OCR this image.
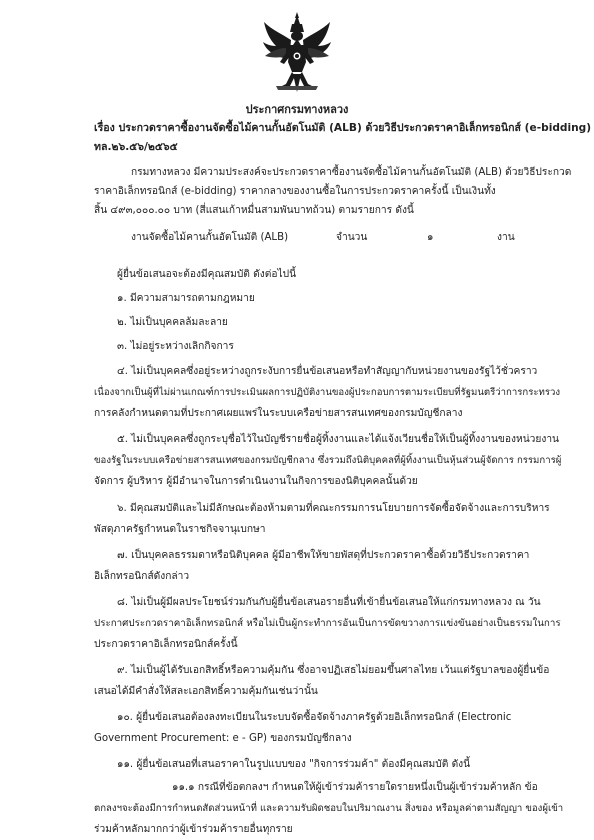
ประกาศกรมทางหลวง
เรื่อง ประกวดราคาซื้องานจัดซื้อไม้คานกั้นอัตโนมัติ (ALB) ด้วยวิธีประกวดราคาอิเล็กทรอนิกส์ (e-bidding)
ทล.๒๖.๕๖/๒๕๖๕
กรมทางหลวง มีความประสงค์จะประกวดราคาซื้องานจัดซื้อไม้คานกั้นอัตโนมัติ (ALB) ด้วยวิธีประกวด
ราคาอิเล็กทรอนิกส์ (e-bidding) ราคากลางของงานซื้อในการประกวดราคาครั้งนี้ เป็นเงินทั้ง
สิ้น ๔๙๓,๐๐๐.๐๐ บาท (สี่แสนเก้าหมื่นสามพันบาทถ้วน) ตามรายการ ดังนี้
งานจัดซื้อไม้คานกั้นอัตโนมัติ (ALB)	จำนวน	๑	งาน
ผู้ยื่นข้อเสนอจะต้องมีคุณสมบัติ ดังต่อไปนี้
๑. มีความสามารถตามกฎหมาย
๒. ไม่เป็นบุคคลล้มละลาย
๓. ไม่อยู่ระหว่างเลิกกิจการ
๔. ไม่เป็นบุคคลซึ่งอยู่ระหว่างถูกระงับการยื่นข้อเสนอหรือทำสัญญากับหน่วยงานของรัฐไว้ชั่วคราว
เนื่องจากเป็นผู้ที่ไม่ผ่านเกณฑ์การประเมินผลการปฏิบัติงานของผู้ประกอบการตามระเบียบที่รัฐมนตรีว่าการกระทรวง
การคลังกำหนดตามที่ประกาศเผยแพร่ในระบบเครือข่ายสารสนเทศของกรมบัญชีกลาง
๕. ไม่เป็นบุคคลซึ่งถูกระบุชื่อไว้ในบัญชีรายชื่อผู้ทิ้งงานและได้แจ้งเวียนชื่อให้เป็นผู้ทิ้งงานของหน่วยงาน
ของรัฐในระบบเครือข่ายสารสนเทศของกรมบัญชีกลาง ซึ่งรวมถึงนิติบุคคลที่ผู้ทิ้งงานเป็นหุ้นส่วนผู้จัดการ กรรมการผู้
จัดการ ผู้บริหาร ผู้มีอำนาจในการดำเนินงานในกิจการของนิติบุคคลนั้นด้วย
๖. มีคุณสมบัติและไม่มีลักษณะต้องห้ามตามที่คณะกรรมการนโยบายการจัดซื้อจัดจ้างและการบริหาร
พัสดุภาครัฐกำหนดในราชกิจจานุเบกษา
๗. เป็นบุคคลธรรมดาหรือนิติบุคคล ผู้มีอาชีพให้ขายพัสดุที่ประกวดราคาซื้อด้วยวิธีประกวดราคา
อิเล็กทรอนิกส์ดังกล่าว
๘. ไม่เป็นผู้มีผลประโยชน์ร่วมกันกับผู้ยื่นข้อเสนอรายอื่นที่เข้ายื่นข้อเสนอให้แก่กรมทางหลวง ณ วัน
ประกาศประกวดราคาอิเล็กทรอนิกส์ หรือไม่เป็นผู้กระทำการอันเป็นการขัดขวางการแข่งขันอย่างเป็นธรรมในการ
ประกวดราคาอิเล็กทรอนิกส์ครั้งนี้
๙. ไม่เป็นผู้ได้รับเอกสิทธิ์หรือความคุ้มกัน ซึ่งอาจปฏิเสธไม่ยอมขึ้นศาลไทย เว้นแต่รัฐบาลของผู้ยื่นข้อ
เสนอได้มีคำสั่งให้สละเอกสิทธิ์ความคุ้มกันเช่นว่านั้น
๑๐. ผู้ยื่นข้อเสนอต้องลงทะเบียนในระบบจัดซื้อจัดจ้างภาครัฐด้วยอิเล็กทรอนิกส์ (Electronic
Government Procurement: e - GP) ของกรมบัญชีกลาง
๑๑. ผู้ยื่นข้อเสนอที่เสนอราคาในรูปแบบของ "กิจการร่วมค้า" ต้องมีคุณสมบัติ ดังนี้
๑๑.๑ กรณีที่ข้อตกลงฯ กำหนดให้ผู้เข้าร่วมค้ารายใดรายหนึ่งเป็นผู้เข้าร่วมค้าหลัก ข้อ
ตกลงฯจะต้องมีการกำหนดสัดส่วนหน้าที่ และความรับผิดชอบในปริมาณงาน สิ่งของ หรือมูลค่าตามสัญญา ของผู้เข้า
ร่วมค้าหลักมากกว่าผู้เข้าร่วมค้ารายอื่นทุกราย
